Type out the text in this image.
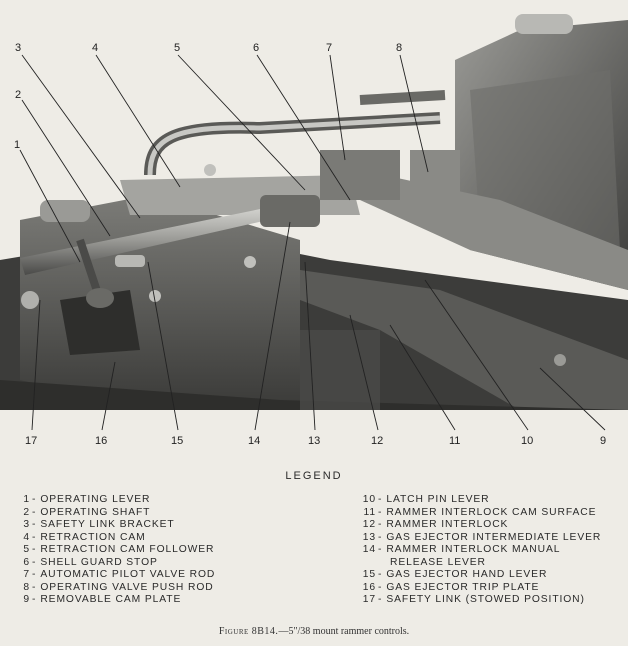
1
2
3	4	5	6	7	8
9
10
11
12
13
14
15
16
17
LEGEND
1 - OPERATING LEVER
2 - OPERATING SHAFT
3 - SAFETY LINK BRACKET
4 - RETRACTION CAM
5 - RETRACTION CAM FOLLOWER
6 - SHELL GUARD STOP
7 - AUTOMATIC PILOT VALVE ROD
8 - OPERATING VALVE PUSH ROD
9 - REMOVABLE CAM PLATE
10 - LATCH PIN LEVER
11 - RAMMER INTERLOCK CAM SURFACE
12 - RAMMER INTERLOCK
13 - GAS EJECTOR INTERMEDIATE LEVER
14 - RAMMER INTERLOCK MANUAL
RELEASE LEVER
15 - GAS EJECTOR HAND LEVER
16 - GAS EJECTOR TRIP PLATE
17 - SAFETY LINK (STOWED POSITION)
Figure 8B14.—5"/38 mount rammer controls.
